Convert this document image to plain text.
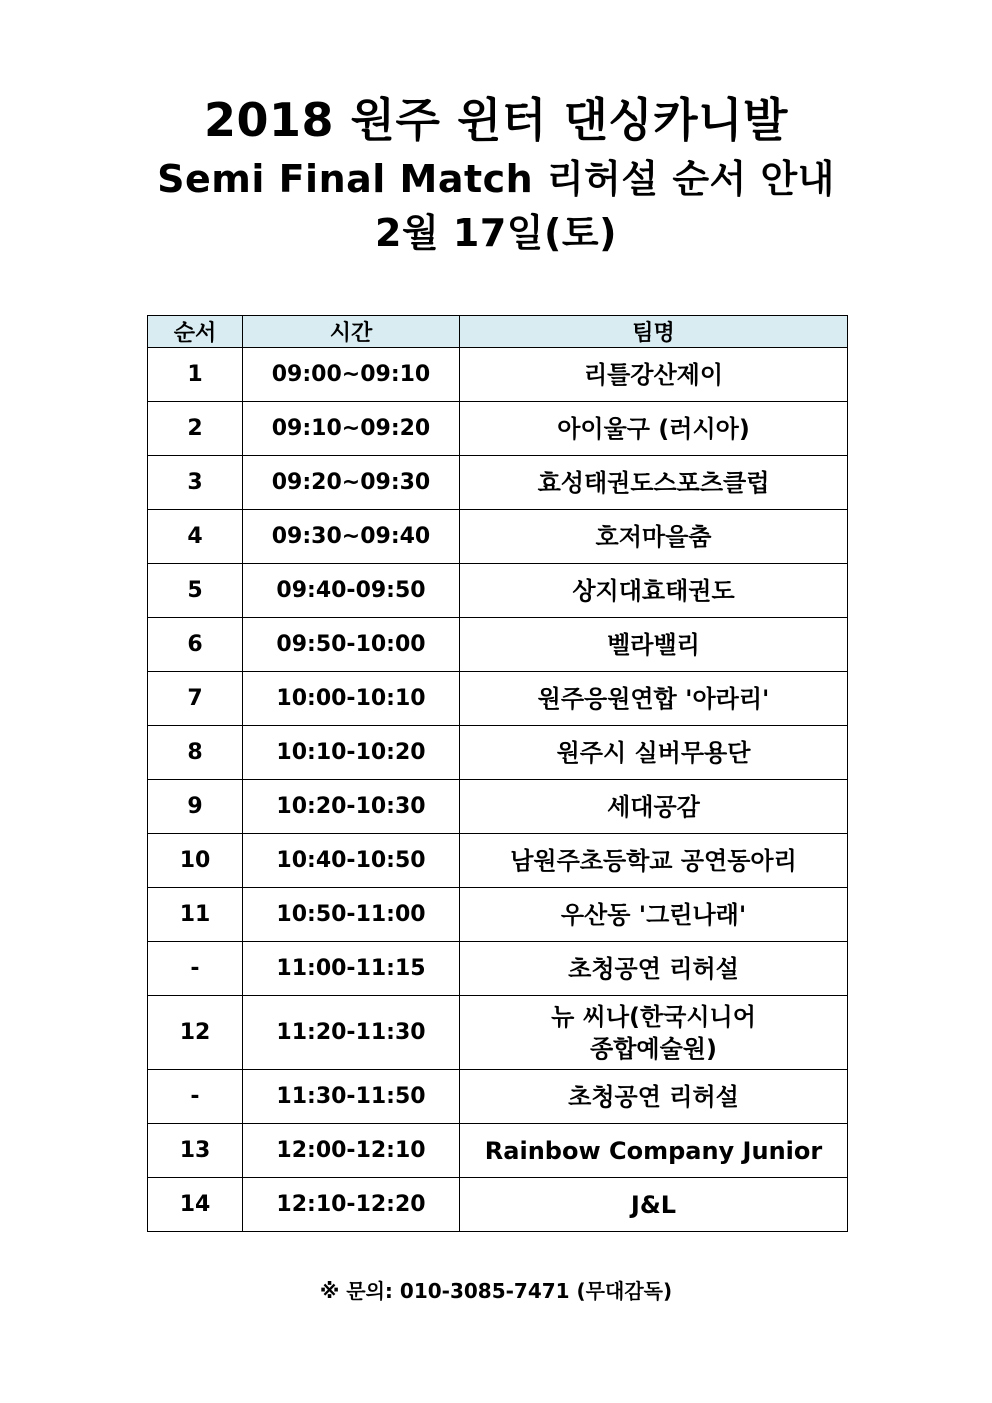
2018 원주 윈터 댄싱카니발
Semi Final Match 리허설 순서 안내
2월 17일(토)
순서	시간	팀명
1	09:00~09:10	리틀강산제이
2	09:10~09:20	아이울구 (러시아)
3	09:20~09:30	효성태권도스포츠클럽
4	09:30~09:40	호저마을춤
5	09:40-09:50	상지대효태권도
6	09:50-10:00	벨라밸리
7	10:00-10:10	원주응원연합 '아라리'
8	10:10-10:20	원주시 실버무용단
9	10:20-10:30	세대공감
10	10:40-10:50	남원주초등학교 공연동아리
11	10:50-11:00	우산동 '그린나래'
-	11:00-11:15	초청공연 리허설
12	11:20-11:30	뉴 씨나(한국시니어
종합예술원)

-	11:30-11:50	초청공연 리허설
13	12:00-12:10	Rainbow Company Junior
14	12:10-12:20	J&L
※ 문의: 010-3085-7471 (무대감독)
